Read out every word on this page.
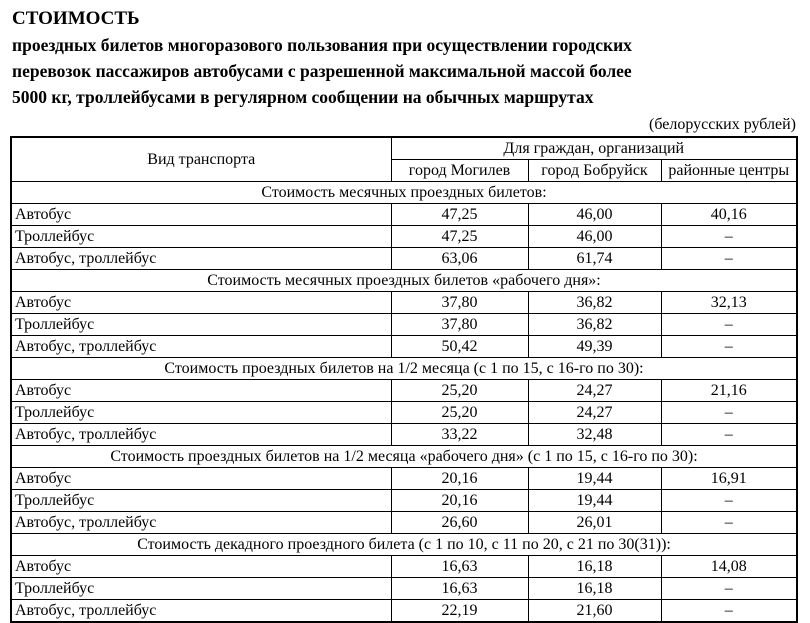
СТОИМОСТЬ
проездных билетов многоразового пользования при осуществлении городских
перевозок пассажиров автобусами с разрешенной максимальной массой более
5000 кг, троллейбусами в регулярном сообщении на обычных маршрутах
(белорусских рублей)
Вид транспорта	Для граждан, организаций		
	город Могилев	город Бобруйск	районные центры
Стоимость месячных проездных билетов:			
Автобус	47,25	46,00	40,16
Троллейбус	47,25	46,00	–
Автобус, троллейбус	63,06	61,74	–
Стоимость месячных проездных билетов «рабочего дня»:			
Автобус	37,80	36,82	32,13
Троллейбус	37,80	36,82	–
Автобус, троллейбус	50,42	49,39	–
Стоимость проездных билетов на 1/2 месяца (с 1 по 15, с 16-го по 30):			
Автобус	25,20	24,27	21,16
Троллейбус	25,20	24,27	–
Автобус, троллейбус	33,22	32,48	–
Стоимость проездных билетов на 1/2 месяца «рабочего дня» (с 1 по 15, с 16-го по 30):			
Автобус	20,16	19,44	16,91
Троллейбус	20,16	19,44	–
Автобус, троллейбус	26,60	26,01	–
Стоимость декадного проездного билета (с 1 по 10, с 11 по 20, с 21 по 30(31)):			
Автобус	16,63	16,18	14,08
Троллейбус	16,63	16,18	–
Автобус, троллейбус	22,19	21,60	–
